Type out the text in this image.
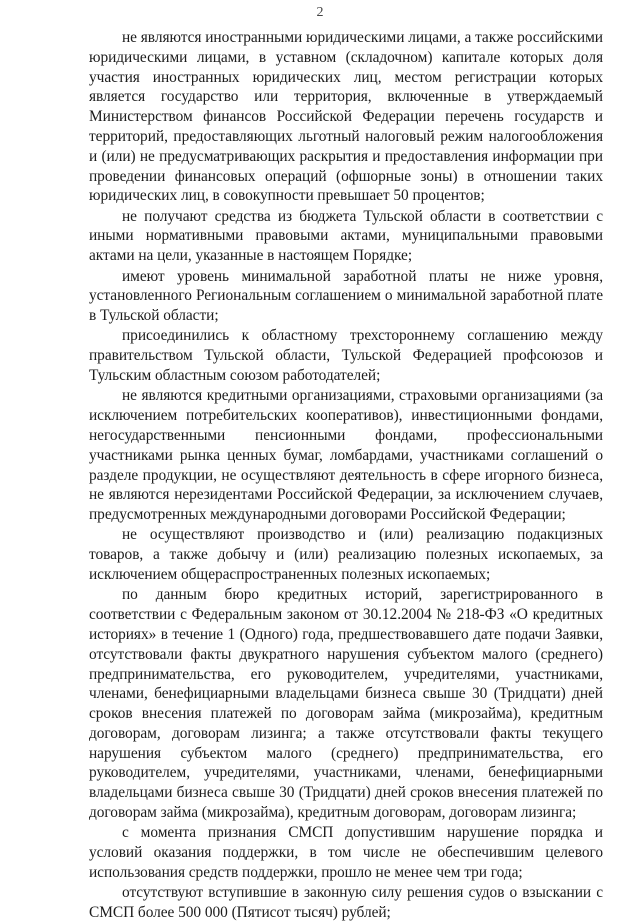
2

не являются иностранными юридическими лицами, а также российскими юридическими лицами, в уставном (складочном) капитале которых доля участия иностранных юридических лиц, местом регистрации которых является государство или территория, включенные в утверждаемый Министерством финансов Российской Федерации перечень государств и территорий, предоставляющих льготный налоговый режим налогообложения и (или) не предусматривающих раскрытия и предоставления информации при проведении финансовых операций (офшорные зоны) в отношении таких юридических лиц, в совокупности превышает 50 процентов;

не получают средства из бюджета Тульской области в соответствии с иными нормативными правовыми актами, муниципальными правовыми актами на цели, указанные в настоящем Порядке;

имеют уровень минимальной заработной платы не ниже уровня, установленного Региональным соглашением о минимальной заработной плате в Тульской области;

присоединились к областному трехстороннему соглашению между правительством Тульской области, Тульской Федерацией профсоюзов и Тульским областным союзом работодателей;

не являются кредитными организациями, страховыми организациями (за исключением потребительских кооперативов), инвестиционными фондами, негосударственными пенсионными фондами, профессиональными участниками рынка ценных бумаг, ломбардами, участниками соглашений о разделе продукции, не осуществляют деятельность в сфере игорного бизнеса, не являются нерезидентами Российской Федерации, за исключением случаев, предусмотренных международными договорами Российской Федерации;

не осуществляют производство и (или) реализацию подакцизных товаров, а также добычу и (или) реализацию полезных ископаемых, за исключением общераспространенных полезных ископаемых;

по данным бюро кредитных историй, зарегистрированного в соответствии с Федеральным законом от 30.12.2004 № 218-ФЗ «О кредитных историях» в течение 1 (Одного) года, предшествовавшего дате подачи Заявки, отсутствовали факты двукратного нарушения субъектом малого (среднего) предпринимательства, его руководителем, учредителями, участниками, членами, бенефициарными владельцами бизнеса свыше 30 (Тридцати) дней сроков внесения платежей по договорам займа (микрозайма), кредитным договорам, договорам лизинга; а также отсутствовали факты текущего нарушения субъектом малого (среднего) предпринимательства, его руководителем, учредителями, участниками, членами, бенефициарными владельцами бизнеса свыше 30 (Тридцати) дней сроков внесения платежей по договорам займа (микрозайма), кредитным договорам, договорам лизинга;

с момента признания СМСП допустившим нарушение порядка и условий оказания поддержки, в том числе не обеспечившим целевого использования средств поддержки, прошло не менее чем три года;

отсутствуют вступившие в законную силу решения судов о взыскании с СМСП более 500 000 (Пятисот тысяч) рублей;
